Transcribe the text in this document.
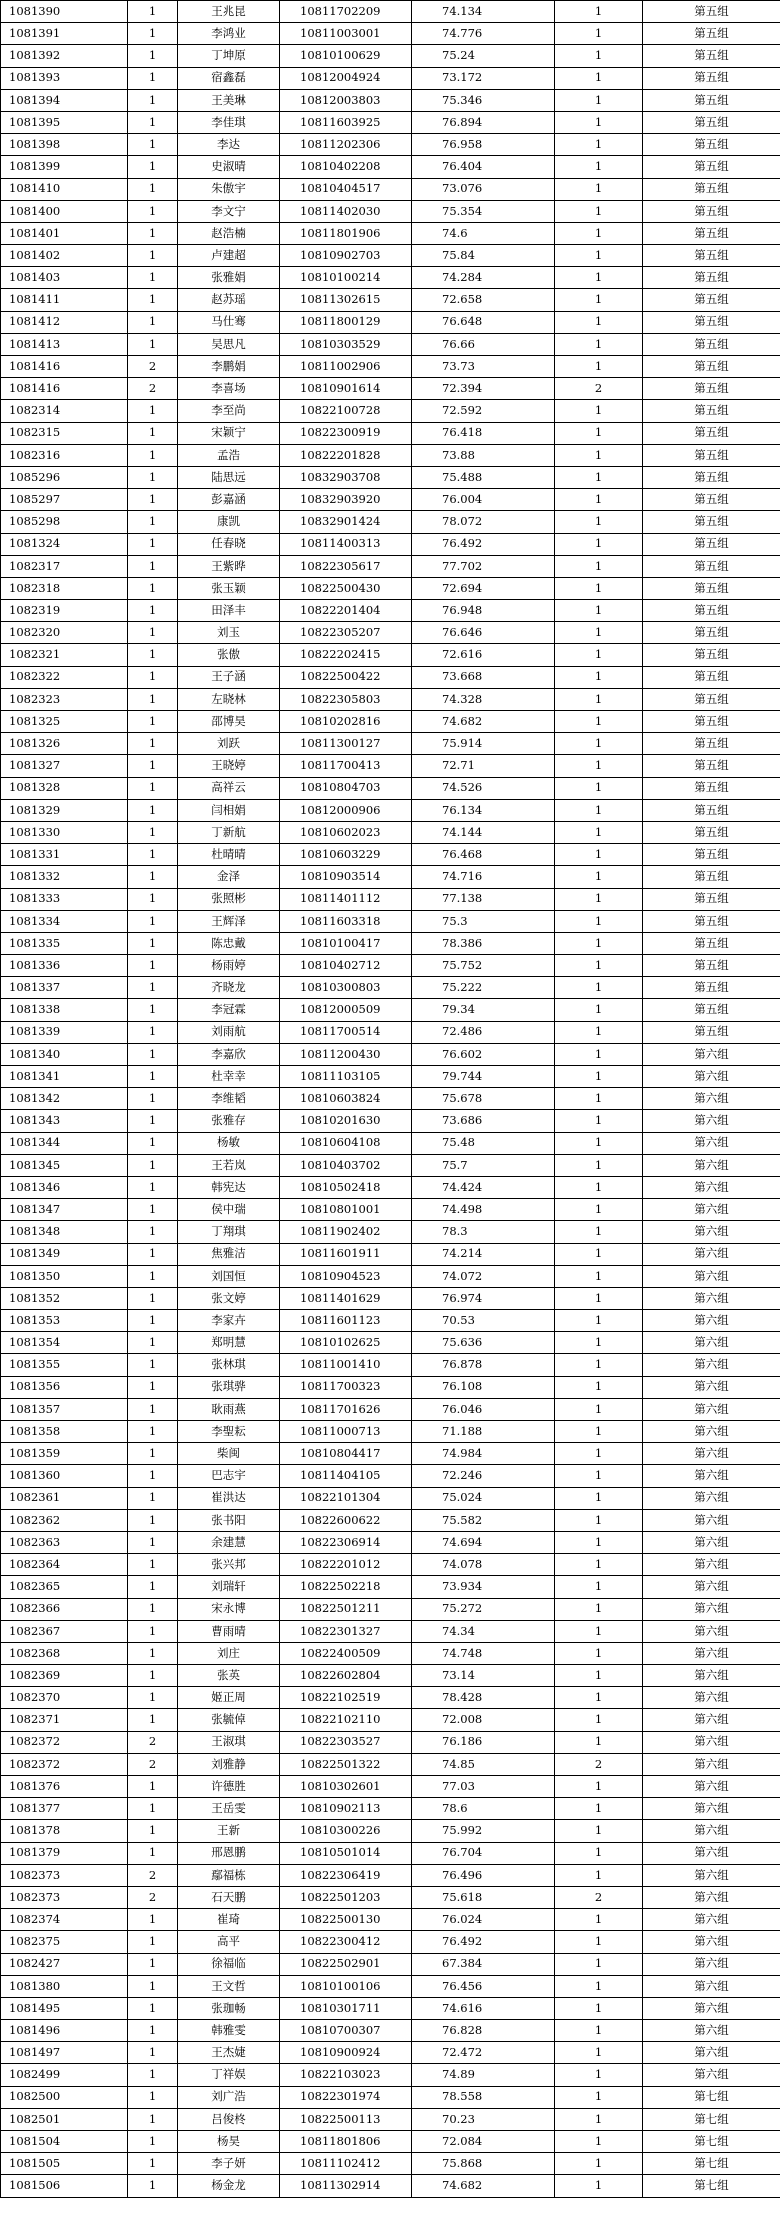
1081390	1	王兆昆	10811702209	74.134	1	第五组
1081391	1	李鸿业	10811003001	74.776	1	第五组
1081392	1	丁坤原	10810100629	75.24	1	第五组
1081393	1	宿鑫磊	10812004924	73.172	1	第五组
1081394	1	王美琳	10812003803	75.346	1	第五组
1081395	1	李佳琪	10811603925	76.894	1	第五组
1081398	1	李达	10811202306	76.958	1	第五组
1081399	1	史淑晴	10810402208	76.404	1	第五组
1081410	1	朱傲宇	10810404517	73.076	1	第五组
1081400	1	李文宁	10811402030	75.354	1	第五组
1081401	1	赵浩楠	10811801906	74.6	1	第五组
1081402	1	卢建超	10810902703	75.84	1	第五组
1081403	1	张雅娟	10810100214	74.284	1	第五组
1081411	1	赵苏瑶	10811302615	72.658	1	第五组
1081412	1	马仕骞	10811800129	76.648	1	第五组
1081413	1	吴思凡	10810303529	76.66	1	第五组
1081416	2	李鹏娟	10811002906	73.73	1	第五组
1081416	2	李喜场	10810901614	72.394	2	第五组
1082314	1	李至尚	10822100728	72.592	1	第五组
1082315	1	宋颖宁	10822300919	76.418	1	第五组
1082316	1	孟浩	10822201828	73.88	1	第五组
1085296	1	陆思远	10832903708	75.488	1	第五组
1085297	1	彭嘉涵	10832903920	76.004	1	第五组
1085298	1	康凯	10832901424	78.072	1	第五组
1081324	1	任春晓	10811400313	76.492	1	第五组
1082317	1	王紫晔	10822305617	77.702	1	第五组
1082318	1	张玉颖	10822500430	72.694	1	第五组
1082319	1	田泽丰	10822201404	76.948	1	第五组
1082320	1	刘玉	10822305207	76.646	1	第五组
1082321	1	张傲	10822202415	72.616	1	第五组
1082322	1	王子涵	10822500422	73.668	1	第五组
1082323	1	左晓林	10822305803	74.328	1	第五组
1081325	1	邵博昊	10810202816	74.682	1	第五组
1081326	1	刘跃	10811300127	75.914	1	第五组
1081327	1	王晓婷	10811700413	72.71	1	第五组
1081328	1	高祥云	10810804703	74.526	1	第五组
1081329	1	闫相娟	10812000906	76.134	1	第五组
1081330	1	丁新航	10810602023	74.144	1	第五组
1081331	1	杜晴晴	10810603229	76.468	1	第五组
1081332	1	金泽	10810903514	74.716	1	第五组
1081333	1	张照彬	10811401112	77.138	1	第五组
1081334	1	王辉泽	10811603318	75.3	1	第五组
1081335	1	陈忠戴	10810100417	78.386	1	第五组
1081336	1	杨雨婷	10810402712	75.752	1	第五组
1081337	1	齐晓龙	10810300803	75.222	1	第五组
1081338	1	李冠霖	10812000509	79.34	1	第五组
1081339	1	刘雨航	10811700514	72.486	1	第五组
1081340	1	李嘉欣	10811200430	76.602	1	第六组
1081341	1	杜幸幸	10811103105	79.744	1	第六组
1081342	1	李维韬	10810603824	75.678	1	第六组
1081343	1	张雅存	10810201630	73.686	1	第六组
1081344	1	杨敏	10810604108	75.48	1	第六组
1081345	1	王若岚	10810403702	75.7	1	第六组
1081346	1	韩宪达	10810502418	74.424	1	第六组
1081347	1	侯中瑞	10810801001	74.498	1	第六组
1081348	1	丁翔琪	10811902402	78.3	1	第六组
1081349	1	焦雅洁	10811601911	74.214	1	第六组
1081350	1	刘国恒	10810904523	74.072	1	第六组
1081352	1	张文婷	10811401629	76.974	1	第六组
1081353	1	李家卉	10811601123	70.53	1	第六组
1081354	1	郑明慧	10810102625	75.636	1	第六组
1081355	1	张林琪	10811001410	76.878	1	第六组
1081356	1	张琪骅	10811700323	76.108	1	第六组
1081357	1	耿雨燕	10811701626	76.046	1	第六组
1081358	1	李聖耘	10811000713	71.188	1	第六组
1081359	1	柴闽	10810804417	74.984	1	第六组
1081360	1	巴志宇	10811404105	72.246	1	第六组
1082361	1	崔洪达	10822101304	75.024	1	第六组
1082362	1	张书阳	10822600622	75.582	1	第六组
1082363	1	余建慧	10822306914	74.694	1	第六组
1082364	1	张兴邦	10822201012	74.078	1	第六组
1082365	1	刘瑞轩	10822502218	73.934	1	第六组
1082366	1	宋永博	10822501211	75.272	1	第六组
1082367	1	曹雨晴	10822301327	74.34	1	第六组
1082368	1	刘庄	10822400509	74.748	1	第六组
1082369	1	张英	10822602804	73.14	1	第六组
1082370	1	姬正周	10822102519	78.428	1	第六组
1082371	1	张毓倬	10822102110	72.008	1	第六组
1082372	2	王淑琪	10822303527	76.186	1	第六组
1082372	2	刘雅静	10822501322	74.85	2	第六组
1081376	1	许德胜	10810302601	77.03	1	第六组
1081377	1	王岳雯	10810902113	78.6	1	第六组
1081378	1	王新	10810300226	75.992	1	第六组
1081379	1	邢恩鹏	10810501014	76.704	1	第六组
1082373	2	鄢福栋	10822306419	76.496	1	第六组
1082373	2	石天鹏	10822501203	75.618	2	第六组
1082374	1	崔琦	10822500130	76.024	1	第六组
1082375	1	高平	10822300412	76.492	1	第六组
1082427	1	徐福临	10822502901	67.384	1	第六组
1081380	1	王文哲	10810100106	76.456	1	第六组
1081495	1	张珈畅	10810301711	74.616	1	第六组
1081496	1	韩雅雯	10810700307	76.828	1	第六组
1081497	1	王杰婕	10810900924	72.472	1	第六组
1082499	1	丁祥娱	10822103023	74.89	1	第六组
1082500	1	刘广浩	10822301974	78.558	1	第七组
1082501	1	吕俊柊	10822500113	70.23	1	第七组
1081504	1	杨昊	10811801806	72.084	1	第七组
1081505	1	李子妍	10811102412	75.868	1	第七组
1081506	1	杨金龙	10811302914	74.682	1	第七组
